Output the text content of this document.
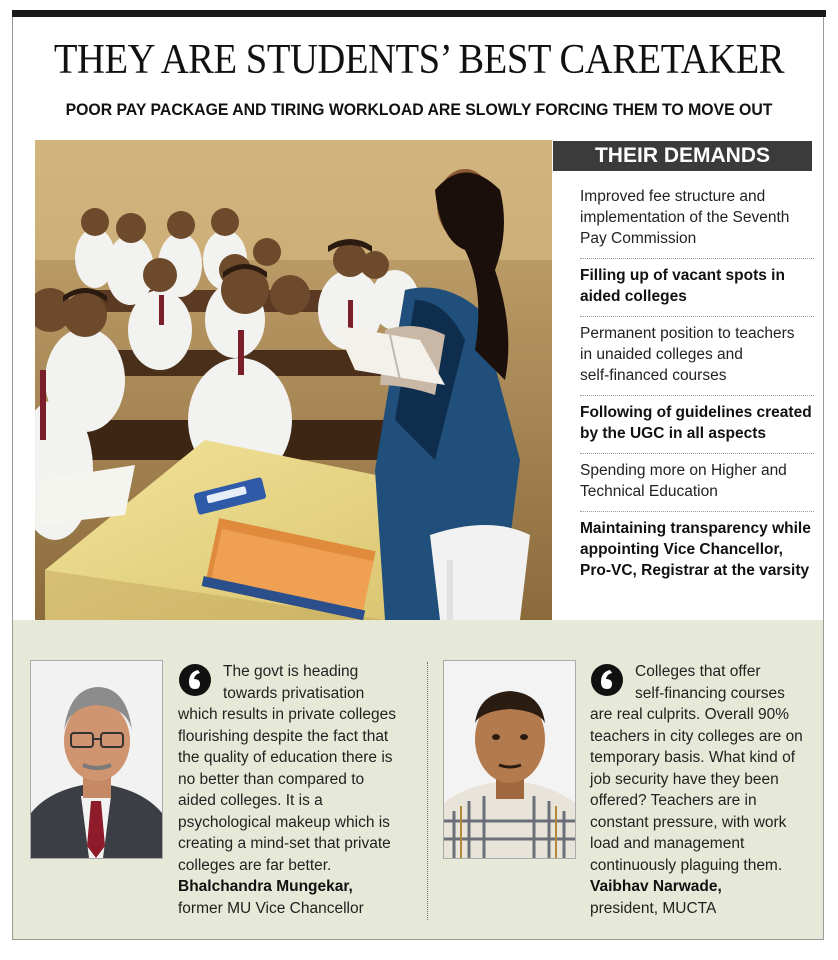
THEY ARE STUDENTS’ BEST CARETAKER
POOR PAY PACKAGE AND TIRING WORKLOAD ARE SLOWLY FORCING THEM TO MOVE OUT
THEIR DEMANDS
Improved fee structure and
implementation of the Seventh
Pay Commission
Filling up of vacant spots in
aided colleges
Permanent position to teachers
in unaided colleges and
self-financed courses
Following of guidelines created
by the UGC in all aspects
Spending more on Higher and
Technical Education
Maintaining transparency while
appointing Vice Chancellor,
Pro-VC, Registrar at the varsity
The govt is heading
towards privatisation
which results in private colleges
flourishing despite the fact that
the quality of education there is
no better than compared to
aided colleges. It is a
psychological makeup which is
creating a mind-set that private
colleges are far better.
Bhalchandra Mungekar,
former MU Vice Chancellor
Colleges that offer
self-financing courses
are real culprits. Overall 90%
teachers in city colleges are on
temporary basis. What kind of
job security have they been
offered? Teachers are in
constant pressure, with work
load and management
continuously plaguing them.
Vaibhav Narwade,
president, MUCTA
